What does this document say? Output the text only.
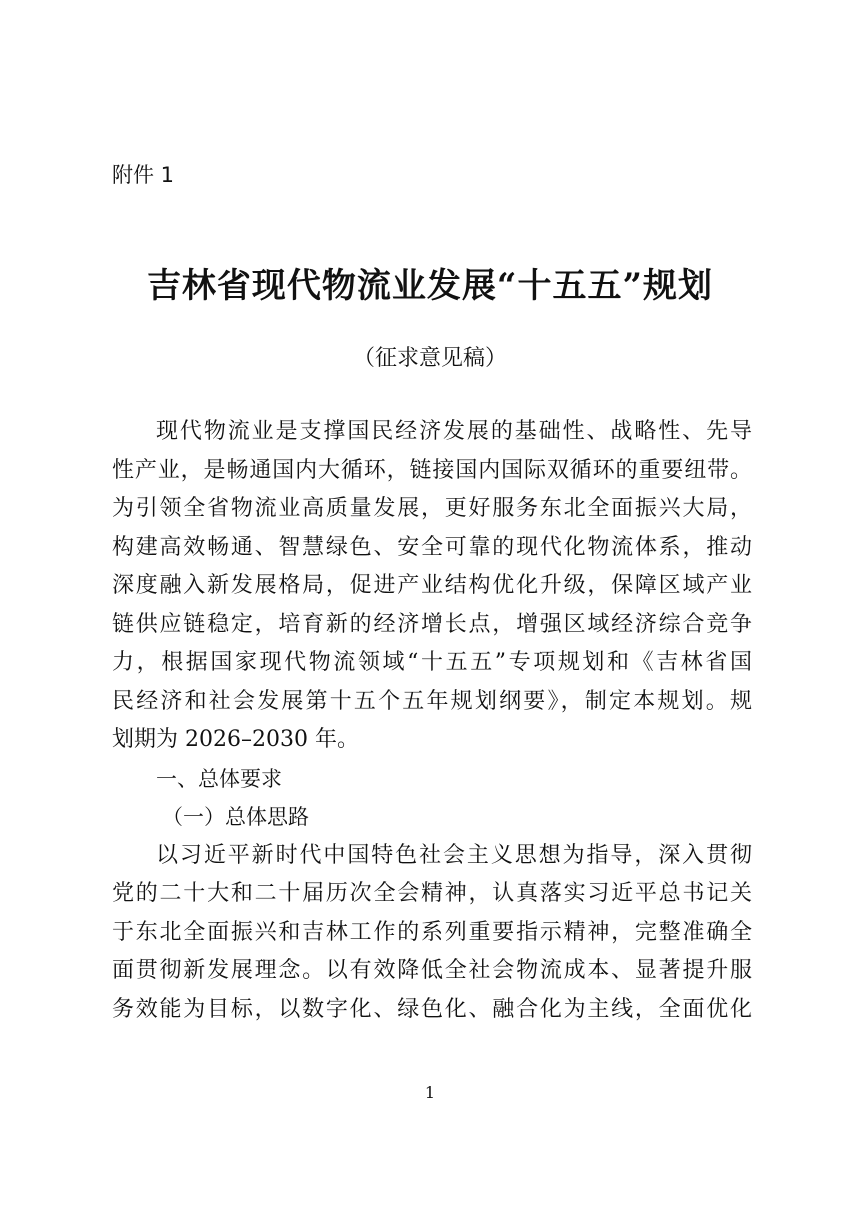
附件 1
吉林省现代物流业发展“十五五”规划
（征求意见稿）
现代物流业是支撑国民经济发展的基础性、战略性、先导
性产业，是畅通国内大循环，链接国内国际双循环的重要纽带。
为引领全省物流业高质量发展，更好服务东北全面振兴大局，
构建高效畅通、智慧绿色、安全可靠的现代化物流体系，推动
深度融入新发展格局，促进产业结构优化升级，保障区域产业
链供应链稳定，培育新的经济增长点，增强区域经济综合竞争
力，根据国家现代物流领域“十五五”专项规划和《吉林省国
民经济和社会发展第十五个五年规划纲要》，制定本规划。规
划期为 2026–2030 年。
一、总体要求
（一）总体思路
以习近平新时代中国特色社会主义思想为指导，深入贯彻
党的二十大和二十届历次全会精神，认真落实习近平总书记关
于东北全面振兴和吉林工作的系列重要指示精神，完整准确全
面贯彻新发展理念。以有效降低全社会物流成本、显著提升服
务效能为目标，以数字化、绿色化、融合化为主线，全面优化
1
